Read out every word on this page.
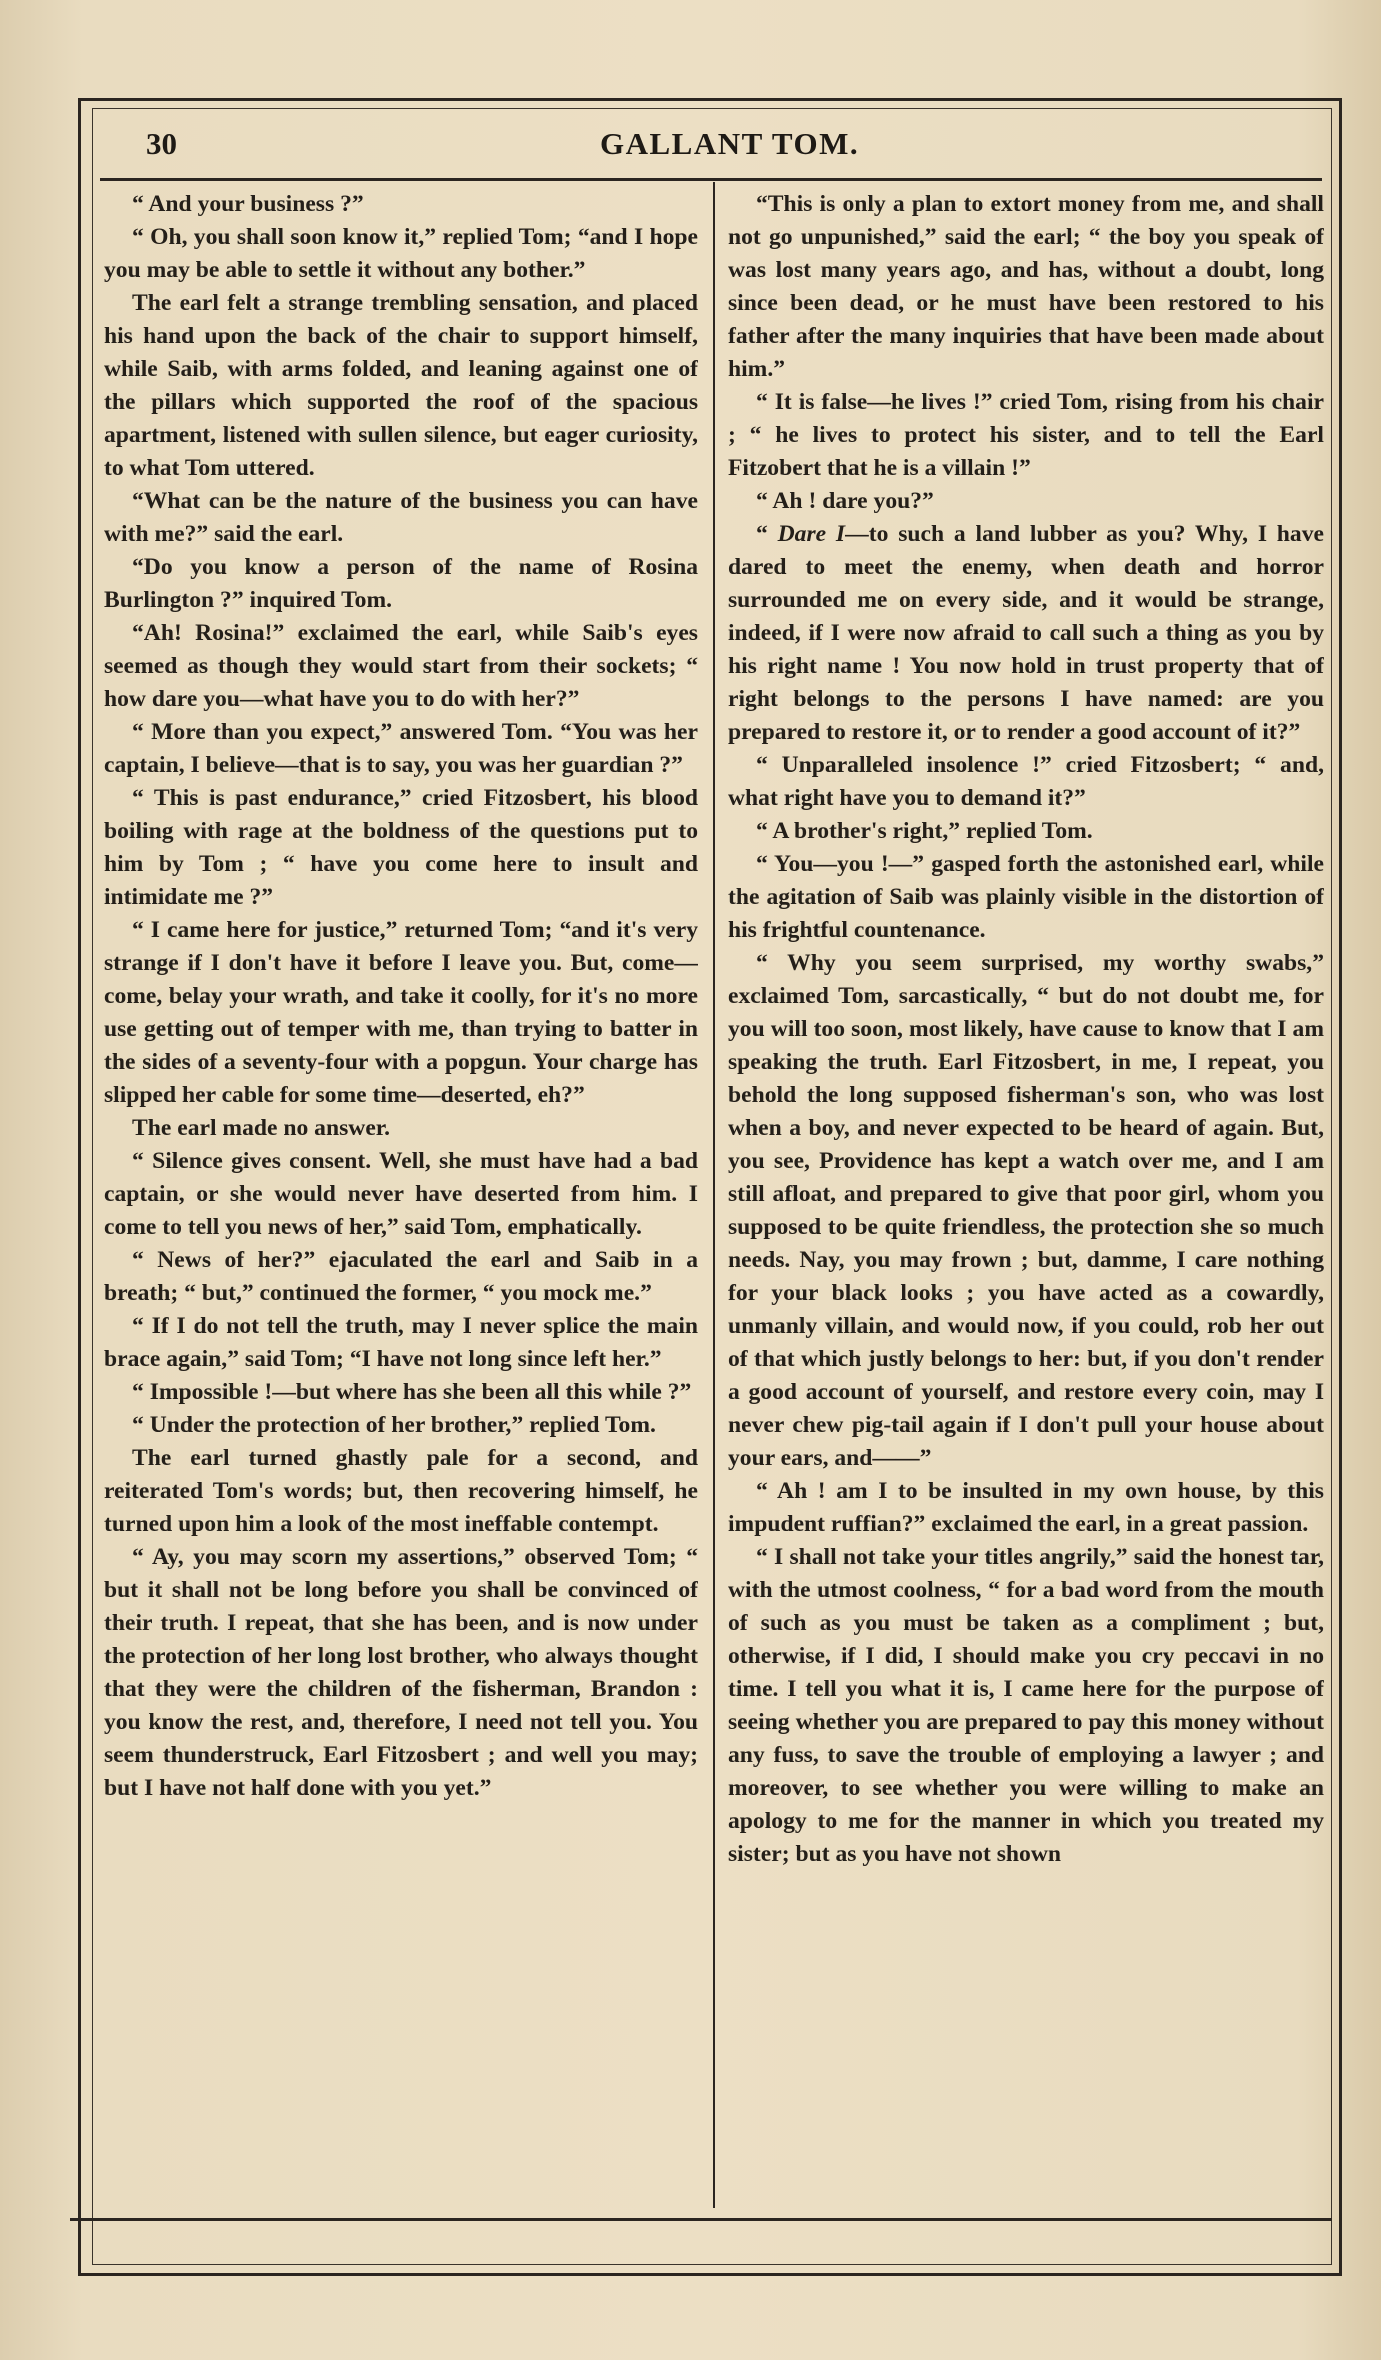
30	GALLANT TOM.

“ And your business ?”

“ Oh, you shall soon know it,” replied Tom; “and I hope you may be able to settle it without any bother.”

The earl felt a strange trembling sensation, and placed his hand upon the back of the chair to support himself, while Saib, with arms folded, and leaning against one of the pillars which supported the roof of the spacious apartment, listened with sullen silence, but eager curiosity, to what Tom uttered.

“What can be the nature of the business you can have with me?” said the earl.

“Do you know a person of the name of Rosina Burlington ?” inquired Tom.

“Ah! Rosina!” exclaimed the earl, while Saib's eyes seemed as though they would start from their sockets; “ how dare you—what have you to do with her?”

“ More than you expect,” answered Tom. “You was her captain, I believe—that is to say, you was her guardian ?”

“ This is past endurance,” cried Fitzosbert, his blood boiling with rage at the boldness of the questions put to him by Tom ; “ have you come here to insult and intimidate me ?”

“ I came here for justice,” returned Tom; “and it's very strange if I don't have it before I leave you. But, come—come, belay your wrath, and take it coolly, for it's no more use getting out of temper with me, than trying to batter in the sides of a seventy-four with a popgun. Your charge has slipped her cable for some time—deserted, eh?”

The earl made no answer.

“ Silence gives consent. Well, she must have had a bad captain, or she would never have deserted from him. I come to tell you news of her,” said Tom, emphatically.

“ News of her?” ejaculated the earl and Saib in a breath; “ but,” continued the former, “ you mock me.”

“ If I do not tell the truth, may I never splice the main brace again,” said Tom; “I have not long since left her.”

“ Impossible !—but where has she been all this while ?”

“ Under the protection of her brother,” replied Tom.

The earl turned ghastly pale for a second, and reiterated Tom's words; but, then recovering himself, he turned upon him a look of the most ineffable contempt.

“ Ay, you may scorn my assertions,” observed Tom; “ but it shall not be long before you shall be convinced of their truth. I repeat, that she has been, and is now under the protection of her long lost brother, who always thought that they were the children of the fisherman, Brandon : you know the rest, and, therefore, I need not tell you. You seem thunderstruck, Earl Fitzosbert ; and well you may; but I have not half done with you yet.”

“This is only a plan to extort money from me, and shall not go unpunished,” said the earl; “ the boy you speak of was lost many years ago, and has, without a doubt, long since been dead, or he must have been restored to his father after the many inquiries that have been made about him.”

“ It is false—he lives !” cried Tom, rising from his chair ; “ he lives to protect his sister, and to tell the Earl Fitzobert that he is a villain !”

“ Ah ! dare you?”

“ Dare I—to such a land lubber as you? Why, I have dared to meet the enemy, when death and horror surrounded me on every side, and it would be strange, indeed, if I were now afraid to call such a thing as you by his right name ! You now hold in trust property that of right belongs to the persons I have named: are you prepared to restore it, or to render a good account of it?”

“ Unparalleled insolence !” cried Fitzosbert; “ and, what right have you to demand it?”

“ A brother's right,” replied Tom.

“ You—you !—” gasped forth the astonished earl, while the agitation of Saib was plainly visible in the distortion of his frightful countenance.

“ Why you seem surprised, my worthy swabs,” exclaimed Tom, sarcastically, “ but do not doubt me, for you will too soon, most likely, have cause to know that I am speaking the truth. Earl Fitzosbert, in me, I repeat, you behold the long supposed fisherman's son, who was lost when a boy, and never expected to be heard of again. But, you see, Providence has kept a watch over me, and I am still afloat, and prepared to give that poor girl, whom you supposed to be quite friendless, the protection she so much needs. Nay, you may frown ; but, damme, I care nothing for your black looks ; you have acted as a cowardly, unmanly villain, and would now, if you could, rob her out of that which justly belongs to her: but, if you don't render a good account of yourself, and restore every coin, may I never chew pig-tail again if I don't pull your house about your ears, and——”

“ Ah ! am I to be insulted in my own house, by this impudent ruffian?” exclaimed the earl, in a great passion.

“ I shall not take your titles angrily,” said the honest tar, with the utmost coolness, “ for a bad word from the mouth of such as you must be taken as a compliment ; but, otherwise, if I did, I should make you cry peccavi in no time. I tell you what it is, I came here for the purpose of seeing whether you are prepared to pay this money without any fuss, to save the trouble of employing a lawyer ; and moreover, to see whether you were willing to make an apology to me for the manner in which you treated my sister; but as you have not shown
